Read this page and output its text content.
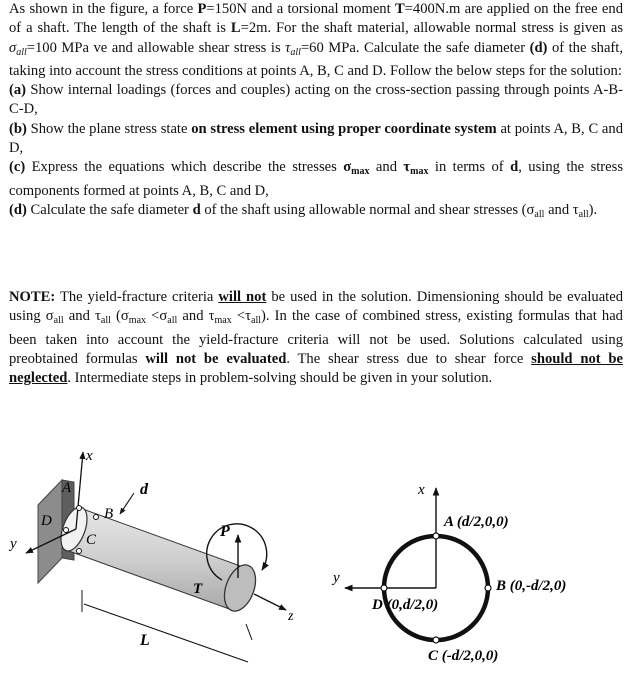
As shown in the figure, a force P=150N and a torsional moment T=400N.m are applied on the free end of a shaft. The length of the shaft is L=2m. For the shaft material, allowable normal stress is given as $\sigma_{all}=100$ MPa ve and allowable shear stress is $\tau_{all}=60$ MPa. Calculate the safe diameter (d) of the shaft, taking into account the stress conditions at points A, B, C and D. Follow the below steps for the solution:

(a) Show internal loadings (forces and couples) acting on the cross-section passing through points A-B-C-D,

(b) Show the plane stress state on stress element using proper coordinate system at points A, B, C and D,

(c) Express the equations which describe the stresses $\sigma_{max}$ and $\tau_{max}$ in terms of d, using the stress components formed at points A, B, C and D,

(d) Calculate the safe diameter d of the shaft using allowable normal and shear stresses ($\sigma_{all}$ and $\tau_{all}$).

NOTE: The yield-fracture criteria will not be used in the solution. Dimensioning should be evaluated using $\sigma_{all}$ and $\tau_{all}$ ($\sigma_{max} <\sigma_{all}$ and $\tau_{max} <\tau_{all}$). In the case of combined stress, existing formulas that had been taken into account the yield-fracture criteria will not be used. Solutions calculated using preobtained formulas will not be evaluated. The shear stress due to shear force should not be neglected. Intermediate steps in problem-solving should be given in your solution.

x
y
z
P
T
A
B
C
D
d
L
x
y
A (d/2,0,0)
B (0,-d/2,0)
C (-d/2,0,0)
D (0,d/2,0)
